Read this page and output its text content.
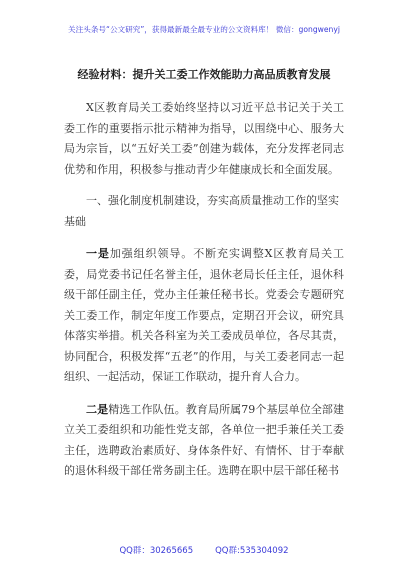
关注头条号“公文研究”，获得最新最全最专业的公文资料库！ 微信：gongwenyj
经验材料：提升关工委工作效能助力高品质教育发展

X区教育局关工委始终坚持以习近平总书记关于关工委工作的重要指示批示精神为指导，以围绕中心、服务大局为宗旨，以“五好关工委”创建为载体，充分发挥老同志优势和作用，积极参与推动青少年健康成长和全面发展。

一、强化制度机制建设，夯实高质量推动工作的坚实基础

一是加强组织领导。不断充实调整X区教育局关工委，局党委书记任名誉主任，退休老局长任主任，退休科级干部任副主任，党办主任兼任秘书长。党委会专题研究关工委工作，制定年度工作要点，定期召开会议，研究具体落实举措。机关各科室为关工委成员单位，各尽其责，协同配合，积极发挥“五老”的作用，与关工委老同志一起组织、一起活动，保证工作联动，提升育人合力。

二是精选工作队伍。教育局所属79个基层单位全部建立关工委组织和功能性党支部，各单位一把手兼任关工委主任，选聘政治素质好、身体条件好、有情怀、甘于奉献的退休科级干部任常务副主任。选聘在职中层干部任秘书

QQ群：30265665	QQ群:535304092
